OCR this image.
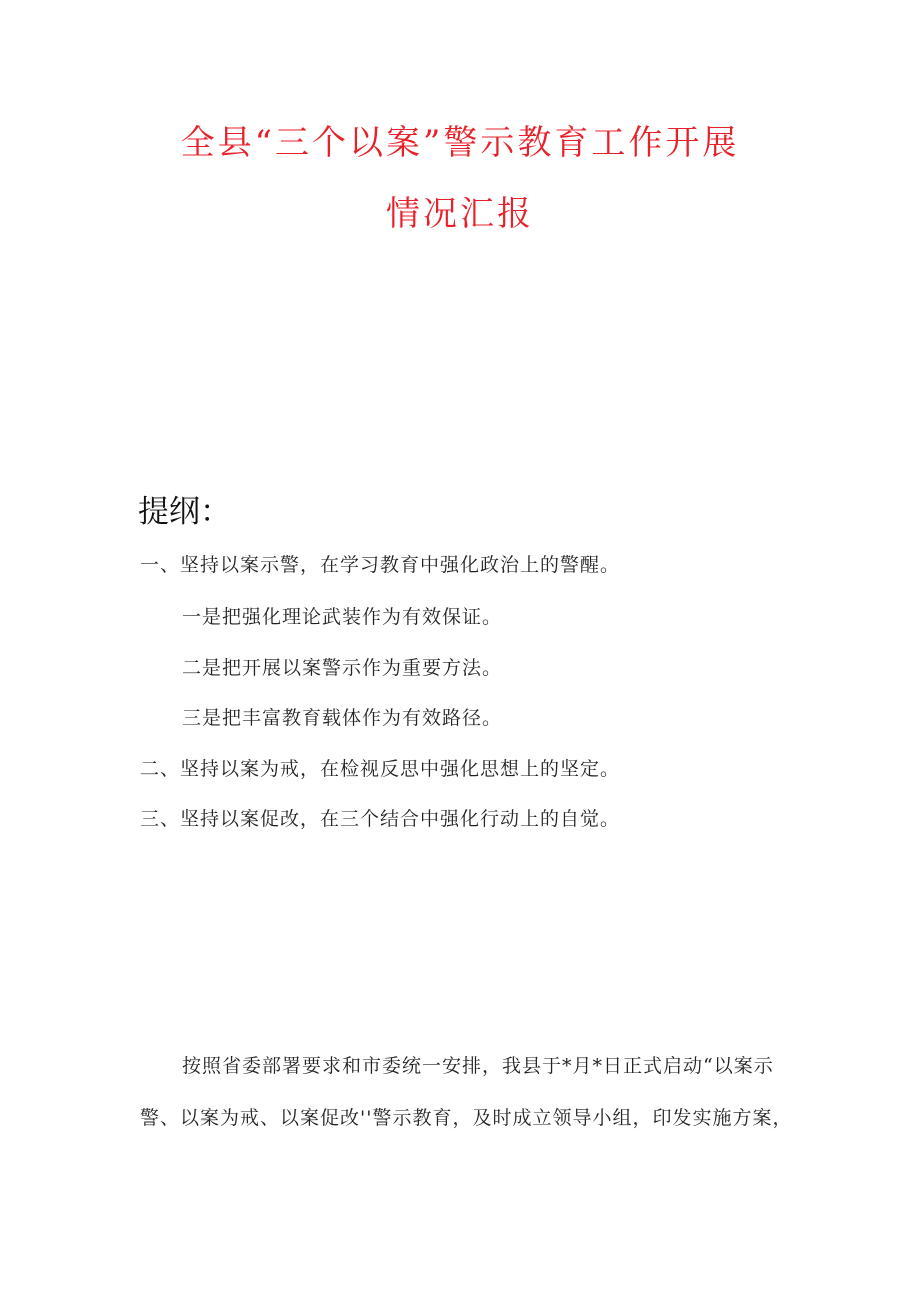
全县“三个以案”警示教育工作开展
情况汇报
提纲：
一、坚持以案示警，在学习教育中强化政治上的警醒。
一是把强化理论武装作为有效保证。
二是把开展以案警示作为重要方法。
三是把丰富教育载体作为有效路径。
二、坚持以案为戒，在检视反思中强化思想上的坚定。
三、坚持以案促改，在三个结合中强化行动上的自觉。
按照省委部署要求和市委统一安排，我县于*月*日正式启动“以案示
警、以案为戒、以案促改''警示教育，及时成立领导小组，印发实施方案，
